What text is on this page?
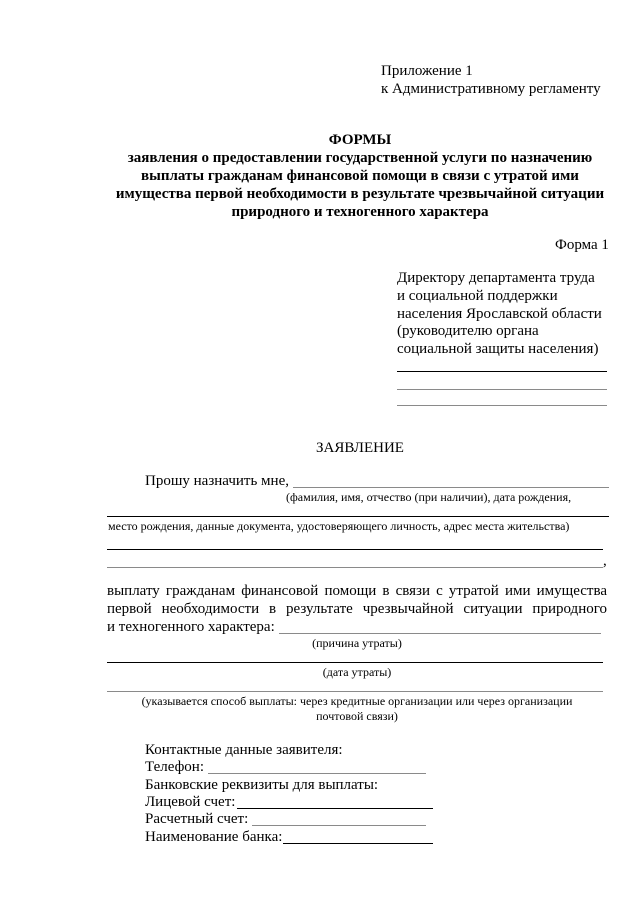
Приложение 1
к Административному регламенту
ФОРМЫ
заявления о предоставлении государственной услуги по назначению
выплаты гражданам финансовой помощи в связи с утратой ими
имущества первой необходимости в результате чрезвычайной ситуации
природного и техногенного характера
Форма 1
Директору департамента труда
и социальной поддержки
населения Ярославской области
(руководителю органа
социальной защиты населения)
ЗАЯВЛЕНИЕ
Прошу назначить мне,
(фамилия, имя, отчество (при наличии), дата рождения,
место рождения, данные документа, удостоверяющего личность, адрес места жительства)
,
выплату гражданам финансовой помощи в связи с утратой ими имущества
первой необходимости в результате чрезвычайной ситуации природного
и техногенного характера:
(причина утраты)
(дата утраты)
(указывается способ выплаты: через кредитные организации или через организации
почтовой связи)
Контактные данные заявителя:
Телефон:
Банковские реквизиты для выплаты:
Лицевой счет:
Расчетный счет:
Наименование банка:
